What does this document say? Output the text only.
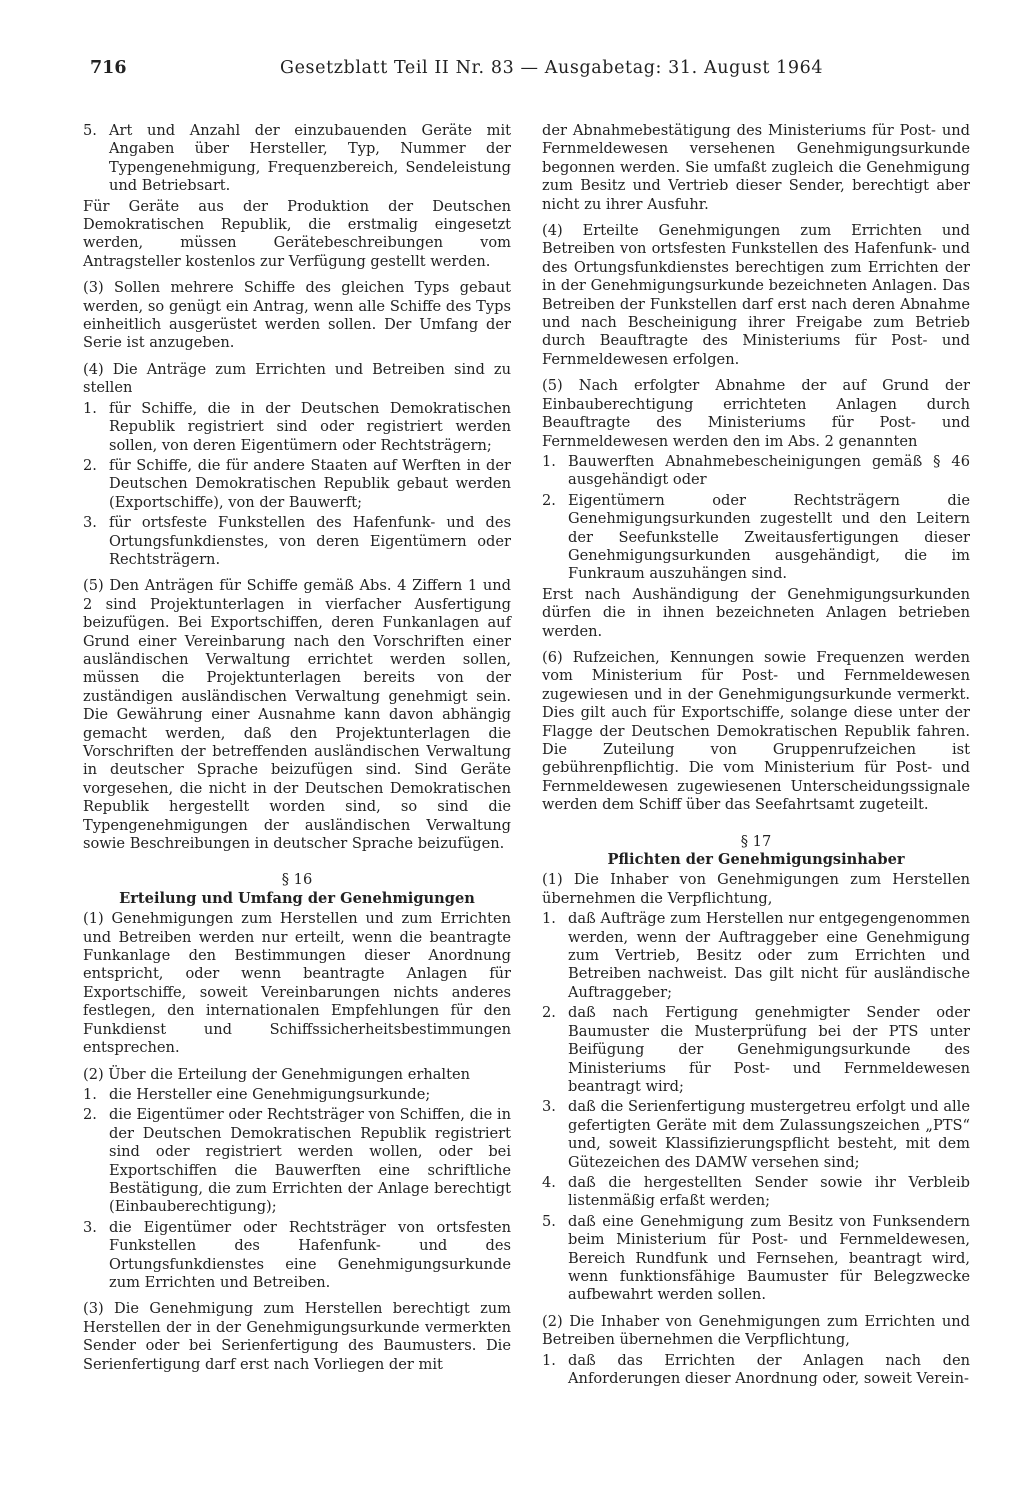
716	Gesetzblatt Teil II Nr. 83 — Ausgabetag: 31. August 1964
5. Art und Anzahl der einzubauenden Geräte mit Angaben über Hersteller, Typ, Nummer der Typengenehmigung, Frequenzbereich, Sendeleistung und Betriebsart.

Für Geräte aus der Produktion der Deutschen Demokratischen Republik, die erstmalig eingesetzt werden, müssen Gerätebeschreibungen vom Antragsteller kostenlos zur Verfügung gestellt werden.

(3) Sollen mehrere Schiffe des gleichen Typs gebaut werden, so genügt ein Antrag, wenn alle Schiffe des Typs einheitlich ausgerüstet werden sollen. Der Umfang der Serie ist anzugeben.

(4) Die Anträge zum Errichten und Betreiben sind zu stellen

1. für Schiffe, die in der Deutschen Demokratischen Republik registriert sind oder registriert werden sollen, von deren Eigentümern oder Rechtsträgern;
2. für Schiffe, die für andere Staaten auf Werften in der Deutschen Demokratischen Republik gebaut werden (Exportschiffe), von der Bauwerft;
3. für ortsfeste Funkstellen des Hafenfunk- und des Ortungsfunkdienstes, von deren Eigentümern oder Rechtsträgern.

(5) Den Anträgen für Schiffe gemäß Abs. 4 Ziffern 1 und 2 sind Projektunterlagen in vierfacher Ausfertigung beizufügen. Bei Exportschiffen, deren Funkanlagen auf Grund einer Vereinbarung nach den Vorschriften einer ausländischen Verwaltung errichtet werden sollen, müssen die Projektunterlagen bereits von der zuständigen ausländischen Verwaltung genehmigt sein. Die Gewährung einer Ausnahme kann davon abhängig gemacht werden, daß den Projektunterlagen die Vorschriften der betreffenden ausländischen Verwaltung in deutscher Sprache beizufügen sind. Sind Geräte vorgesehen, die nicht in der Deutschen Demokratischen Republik hergestellt worden sind, so sind die Typengenehmigungen der ausländischen Verwaltung sowie Beschreibungen in deutscher Sprache beizufügen.

§ 16
Erteilung und Umfang der Genehmigungen

(1) Genehmigungen zum Herstellen und zum Errichten und Betreiben werden nur erteilt, wenn die beantragte Funkanlage den Bestimmungen dieser Anordnung entspricht, oder wenn beantragte Anlagen für Exportschiffe, soweit Vereinbarungen nichts anderes festlegen, den internationalen Empfehlungen für den Funkdienst und Schiffssicherheitsbestimmungen entsprechen.

(2) Über die Erteilung der Genehmigungen erhalten

1. die Hersteller eine Genehmigungsurkunde;
2. die Eigentümer oder Rechtsträger von Schiffen, die in der Deutschen Demokratischen Republik registriert sind oder registriert werden wollen, oder bei Exportschiffen die Bauwerften eine schriftliche Bestätigung, die zum Errichten der Anlage berechtigt (Einbauberechtigung);
3. die Eigentümer oder Rechtsträger von ortsfesten Funkstellen des Hafenfunk- und des Ortungsfunkdienstes eine Genehmigungsurkunde zum Errichten und Betreiben.

(3) Die Genehmigung zum Herstellen berechtigt zum Herstellen der in der Genehmigungsurkunde vermerkten Sender oder bei Serienfertigung des Baumusters. Die Serienfertigung darf erst nach Vorliegen der mit

der Abnahmebestätigung des Ministeriums für Post- und Fernmeldewesen versehenen Genehmigungsurkunde begonnen werden. Sie umfaßt zugleich die Genehmigung zum Besitz und Vertrieb dieser Sender, berechtigt aber nicht zu ihrer Ausfuhr.

(4) Erteilte Genehmigungen zum Errichten und Betreiben von ortsfesten Funkstellen des Hafenfunk- und des Ortungsfunkdienstes berechtigen zum Errichten der in der Genehmigungsurkunde bezeichneten Anlagen. Das Betreiben der Funkstellen darf erst nach deren Abnahme und nach Bescheinigung ihrer Freigabe zum Betrieb durch Beauftragte des Ministeriums für Post- und Fernmeldewesen erfolgen.

(5) Nach erfolgter Abnahme der auf Grund der Einbauberechtigung errichteten Anlagen durch Beauftragte des Ministeriums für Post- und Fernmeldewesen werden den im Abs. 2 genannten

1. Bauwerften Abnahmebescheinigungen gemäß § 46 ausgehändigt oder
2. Eigentümern oder Rechtsträgern die Genehmigungsurkunden zugestellt und den Leitern der Seefunkstelle Zweitausfertigungen dieser Genehmigungsurkunden ausgehändigt, die im Funkraum auszuhängen sind.

Erst nach Aushändigung der Genehmigungsurkunden dürfen die in ihnen bezeichneten Anlagen betrieben werden.

(6) Rufzeichen, Kennungen sowie Frequenzen werden vom Ministerium für Post- und Fernmeldewesen zugewiesen und in der Genehmigungsurkunde vermerkt. Dies gilt auch für Exportschiffe, solange diese unter der Flagge der Deutschen Demokratischen Republik fahren. Die Zuteilung von Gruppenrufzeichen ist gebührenpflichtig. Die vom Ministerium für Post- und Fernmeldewesen zugewiesenen Unterscheidungssignale werden dem Schiff über das Seefahrtsamt zugeteilt.

§ 17
Pflichten der Genehmigungsinhaber

(1) Die Inhaber von Genehmigungen zum Herstellen übernehmen die Verpflichtung,

1. daß Aufträge zum Herstellen nur entgegengenommen werden, wenn der Auftraggeber eine Genehmigung zum Vertrieb, Besitz oder zum Errichten und Betreiben nachweist. Das gilt nicht für ausländische Auftraggeber;
2. daß nach Fertigung genehmigter Sender oder Baumuster die Musterprüfung bei der PTS unter Beifügung der Genehmigungsurkunde des Ministeriums für Post- und Fernmeldewesen beantragt wird;
3. daß die Serienfertigung mustergetreu erfolgt und alle gefertigten Geräte mit dem Zulassungszeichen „PTS“ und, soweit Klassifizierungspflicht besteht, mit dem Gütezeichen des DAMW versehen sind;
4. daß die hergestellten Sender sowie ihr Verbleib listenmäßig erfaßt werden;
5. daß eine Genehmigung zum Besitz von Funksendern beim Ministerium für Post- und Fernmeldewesen, Bereich Rundfunk und Fernsehen, beantragt wird, wenn funktionsfähige Baumuster für Belegzwecke aufbewahrt werden sollen.

(2) Die Inhaber von Genehmigungen zum Errichten und Betreiben übernehmen die Verpflichtung,

1. daß das Errichten der Anlagen nach den Anforderungen dieser Anordnung oder, soweit Verein-
